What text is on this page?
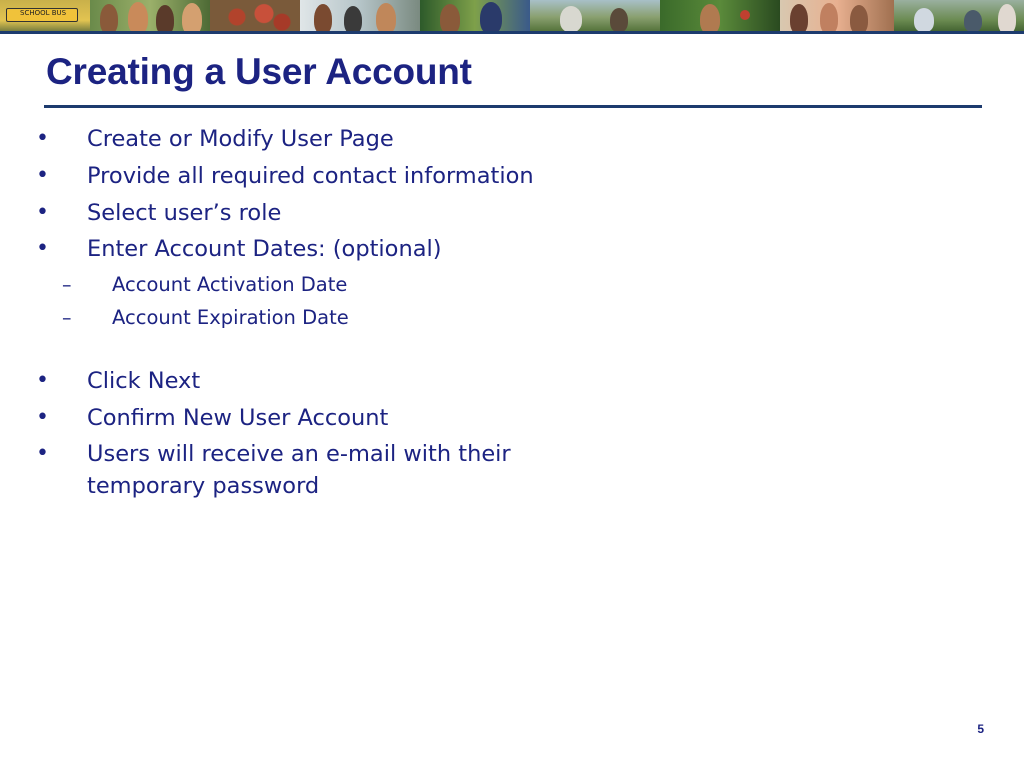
SCHOOL BUS
Creating a User Account
• Create or Modify User Page
• Provide all required contact information
• Select user’s role
• Enter Account Dates: (optional)
– Account Activation Date
– Account Expiration Date
• Click Next
• Confirm New User Account
• Users will receive an e-mail with their temporary password
5
